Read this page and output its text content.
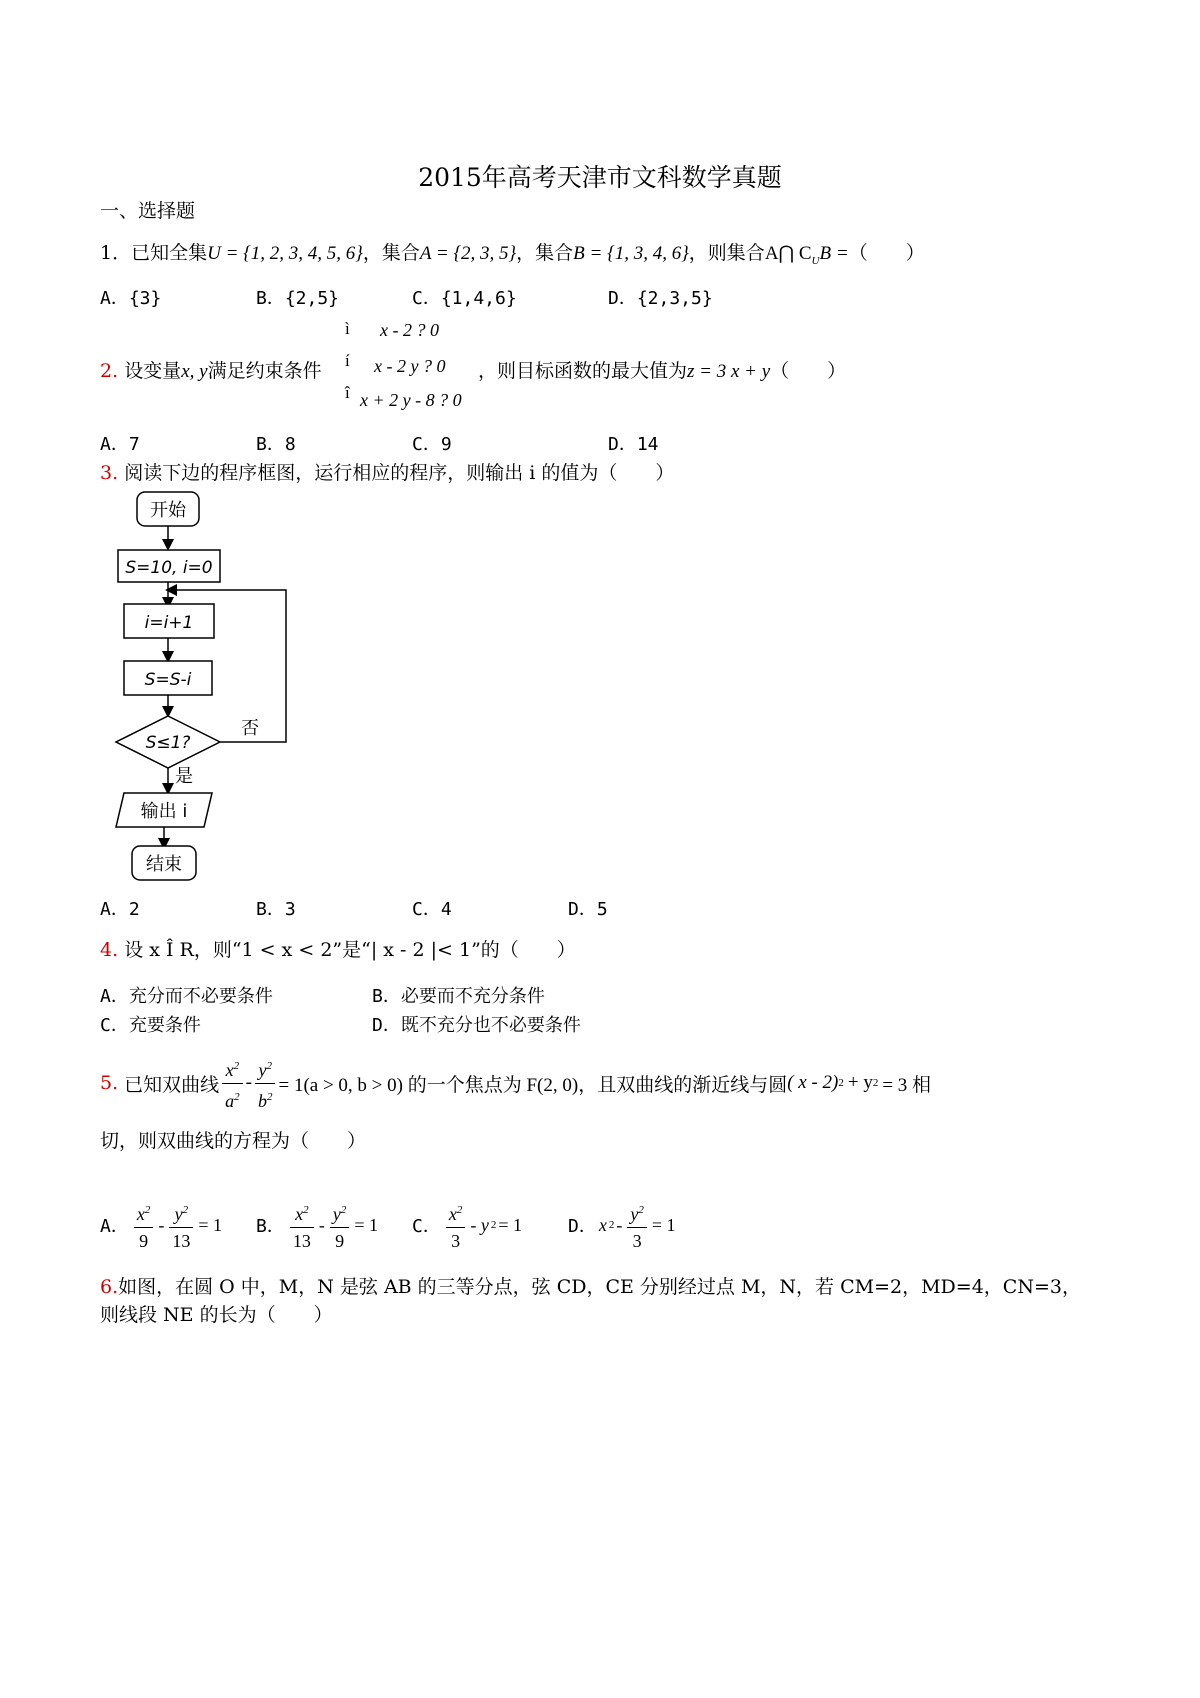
2015年高考天津市文科数学真题
一、选择题
1．已知全集U = {1, 2, 3, 4, 5, 6}，集合A = {2, 3, 5}，集合B = {1, 3, 4, 6}，则集合A⋂ $C_UB$ =（　　）
A．{3}	B．{2,5}	C．{1,4,6}	D．{2,3,5}
2. 设变量x, y满足约束条件
ì
í
î
x - 2 ? 0
x - 2 y ? 0
x + 2 y - 8 ? 0
，则目标函数的最大值为z = 3 x + y（　　）
A．7	B．8	C．9	D．14
3. 阅读下边的程序框图，运行相应的程序，则输出 i 的值为（　　）
开始
S=10, i=0
i=i+1
S=S-i
S≤1?
否
是
输出 i
结束
A．2	B．3	C．4	D．5
4. 设 x Î R，则“1 < x < 2”是“| x - 2 |< 1”的（　　）
A．充分而不必要条件	B．必要而不充分条件
C．充要条件	D．既不充分也不必要条件
5. 已知双曲线 $\frac{x^2}{a^2} - \frac{y^2}{b^2} = 1(a > 0$, b > 0) 的一个焦点为 F(2, 0)，且双曲线的渐近线与圆 ( x - 2) 2 + y 2 = 3 相
切，则双曲线的方程为（　　）
A． $\frac{x^2}{9} - \frac{y^2}{13} = 1$ B． $\frac{x^2}{13} - \frac{y^2}{9} = 1$ C． $\frac{x^2}{3}$ - y 2 = 1	D． x $2 - \frac{y^2}{3} = 1$
6.如图，在圆 O 中，M，N 是弦 AB 的三等分点，弦 CD，CE 分别经过点 M，N，若 CM=2，MD=4，CN=3，
则线段 NE 的长为（　　）
